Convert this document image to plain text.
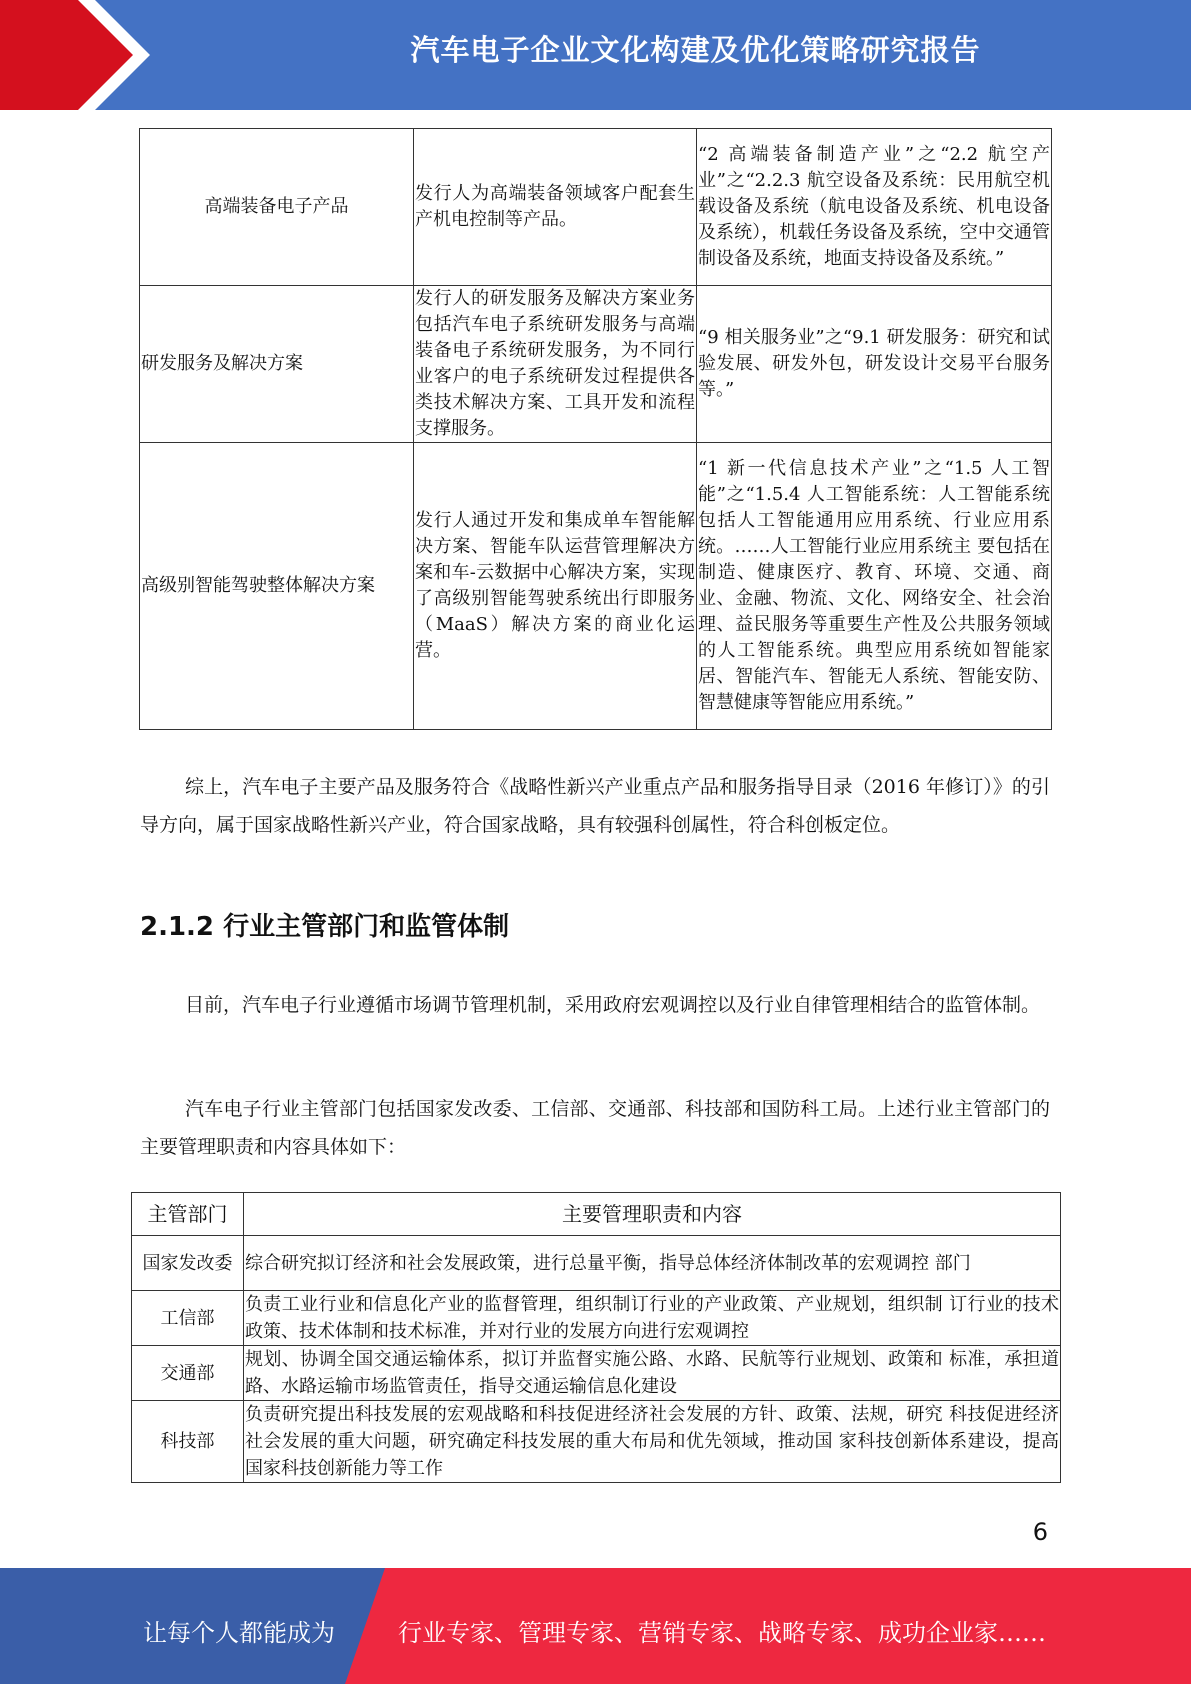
汽车电子企业文化构建及优化策略研究报告
高端装备电子产品	发行人为高端装备领域客户配套生产机电控制等产品。	“2 高端装备制造产业”之“2.2 航空产业”之“2.2.3 航空设备及系统：民用航空机载设备及系统（航电设备及系统、机电设备及系统），机载任务设备及系统，空中交通管制设备及系统，地面支持设备及系统。”
研发服务及解决方案	发行人的研发服务及解决方案业务包括汽车电子系统研发服务与高端装备电子系统研发服务，为不同行业客户的电子系统研发过程提供各类技术解决方案、工具开发和流程支撑服务。	“9 相关服务业”之“9.1 研发服务：研究和试验发展、研发外包，研发设计交易平台服务等。”
高级别智能驾驶整体解决方案	发行人通过开发和集成单车智能解决方案、智能车队运营管理解决方案和车-云数据中心解决方案，实现了高级别智能驾驶系统出行即服务（MaaS）解决方案的商业化运营。	“1 新一代信息技术产业”之“1.5 人工智能”之“1.5.4 人工智能系统：人工智能系统包括人工智能通用应用系统、行业应用系统。……人工智能行业应用系统主 要包括在制造、健康医疗、教育、环境、交通、商业、金融、物流、文化、网络安全、社会治理、益民服务等重要生产性及公共服务领域的人工智能系统。典型应用系统如智能家居、智能汽车、智能无人系统、智能安防、智慧健康等智能应用系统。”

综上，汽车电子主要产品及服务符合《战略性新兴产业重点产品和服务指导目录（2016 年修订）》的引导方向，属于国家战略性新兴产业，符合国家战略，具有较强科创属性，符合科创板定位。

2.1.2 行业主管部门和监管体制

目前，汽车电子行业遵循市场调节管理机制，采用政府宏观调控以及行业自律管理相结合的监管体制。

汽车电子行业主管部门包括国家发改委、工信部、交通部、科技部和国防科工局。上述行业主管部门的主要管理职责和内容具体如下：

主管部门	主要管理职责和内容
国家发改委	综合研究拟订经济和社会发展政策，进行总量平衡，指导总体经济体制改革的宏观调控 部门
工信部	负责工业行业和信息化产业的监督管理，组织制订行业的产业政策、产业规划，组织制 订行业的技术政策、技术体制和技术标准，并对行业的发展方向进行宏观调控
交通部	规划、协调全国交通运输体系，拟订并监督实施公路、水路、民航等行业规划、政策和 标准，承担道路、水路运输市场监管责任，指导交通运输信息化建设
科技部	负责研究提出科技发展的宏观战略和科技促进经济社会发展的方针、政策、法规，研究 科技促进经济社会发展的重大问题，研究确定科技发展的重大布局和优先领域，推动国 家科技创新体系建设，提高国家科技创新能力等工作
6
让每个人都能成为	行业专家、管理专家、营销专家、战略专家、成功企业家……
